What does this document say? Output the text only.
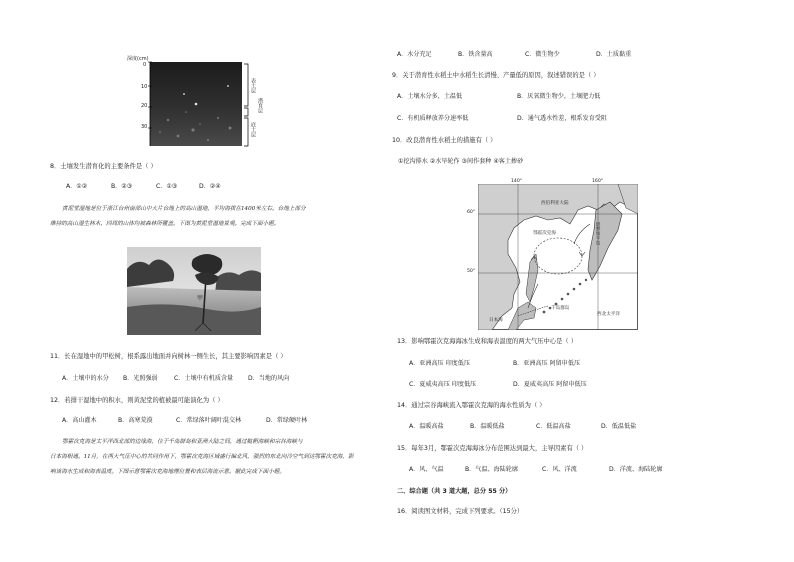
深度(cm)
0
10
20
30
表土层
潜育层
底土层
8．土壤发生潜育化的主要条件是（ ）
A．①②	B．②③	C．①③	D．②④
黄泥堂湿地是位于浙江台州南部山中大片台地上的高山湿地，平均海拔在1400米左右。台地上部分
维持的高山湿生林木，四周的山体均被森林所覆盖。下图为黄泥堂湿地景观。完成下面小题。
甲
11．长在湿地中的甲松树，根系露出地面并向树林一侧生长，其主要影响因素是（ ）
A．土壤中的水分 B．光照强弱	C．土壤中有机质含量 D．当地的风向
12．若排干湿地中的积水，则黄泥堂的植被最可能演化为（ ）
A．高山灌木	B．高寒荒漠	C．常绿落叶阔叶混交林	D．常绿硬叶林
鄂霍次克海是太平洋西北部的边缘海，位于千岛群岛和亚洲大陆之间，通过鞑靼海峡和宗谷海峡与
日本海相通。11月，在两大气压中心的共同作用下，鄂霍次克海区域盛行偏北风，强烈的东北向冷空气到达鄂霍次克海，影
响该海水生成和海表温度。下图示意鄂霍次克海地理位置和表层海流示意。据此完成下面小题。
A．水分充足	B．铁含量高	C．微生物少	D．土质黏重
9．关于潜育性水稻土中水稻生长清慢、产量低的原因，叙述错误的是（ ）
A．土壤水分多，土温低	B．厌氧微生物少，土壤肥力低
C．有机质释放养分速率低	D．通气透水性差，根系发育受阻
10．改良潜育性水稻土的措施有（ ）
①挖沟排水 ②水旱轮作 ③间作套种 ④客土掺砂
140°	160°
60°
50°
西伯利亚大陆
鄂霍次克海	堪察加半岛
千岛群岛
日本海
西北太平洋
13．影响鄂霍次克海海冰生成和海表温度的两大气压中心是（ ）
A．亚洲高压 印度低压	B．亚洲高压 阿留申低压
C．夏威夷高压 印度低压	D．夏威夷高压 阿留申低压
14．通过宗谷海峡流入鄂霍次克海的海水性质为（ ）
A．温暖高盐	B．温暖低盐	C．低温高盐	D．低温低盐
15．每年3月，鄂霍次克海海冰分布范围达到最大，主导因素有（ ）
A．风、气温	B．气温、海陆轮廓	C．风、洋流	D．洋流、海陆轮廓
二、综合题（共 3 道大题，总分 55 分）
16．阅读图文材料，完成下列要求。（15分）
